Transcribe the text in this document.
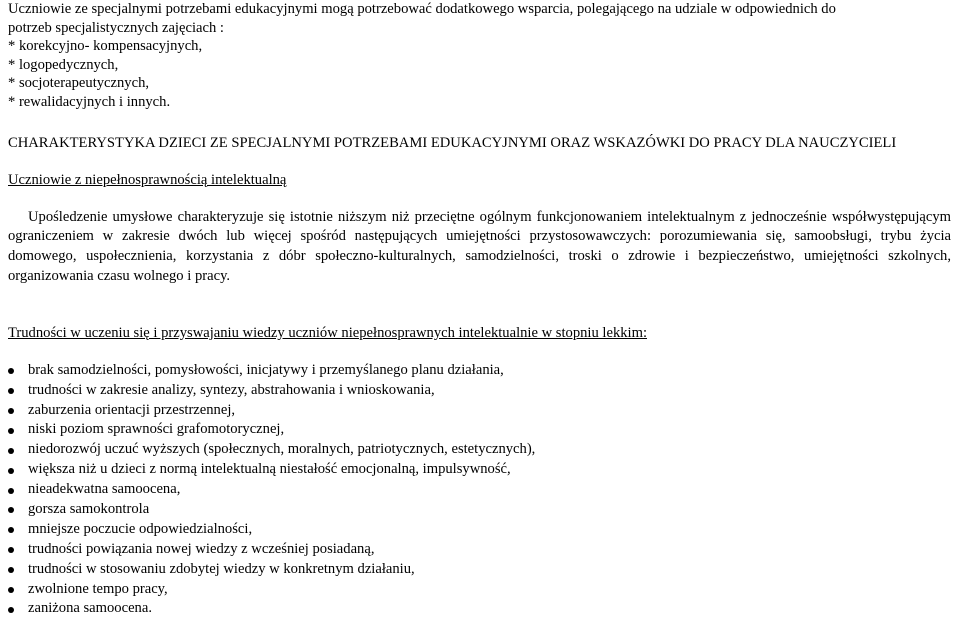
Uczniowie ze specjalnymi potrzebami edukacyjnymi mogą potrzebować dodatkowego wsparcia, polegającego na udziale w odpowiednich do
potrzeb specjalistycznych zajęciach :
* korekcyjno- kompensacyjnych,
* logopedycznych,
* socjoterapeutycznych,
* rewalidacyjnych i innych.
CHARAKTERYSTYKA DZIECI ZE SPECJALNYMI POTRZEBAMI EDUKACYJNYMI ORAZ WSKAZÓWKI DO PRACY DLA NAUCZYCIELI
Uczniowie z niepełnosprawnością intelektualną
Upośledzenie umysłowe charakteryzuje się istotnie niższym niż przeciętne ogólnym funkcjonowaniem intelektualnym z jednocześnie współwystępującym ograniczeniem w zakresie dwóch lub więcej spośród następujących umiejętności przystosowawczych: porozumiewania się, samoobsługi, trybu życia domowego, uspołecznienia, korzystania z dóbr społeczno-kulturalnych, samodzielności, troski o zdrowie i bezpieczeństwo, umiejętności szkolnych, organizowania czasu wolnego i pracy.
Trudności w uczeniu się i przyswajaniu wiedzy uczniów niepełnosprawnych intelektualnie w stopniu lekkim:
brak samodzielności, pomysłowości, inicjatywy i przemyślanego planu działania,
trudności w zakresie analizy, syntezy, abstrahowania i wnioskowania,
zaburzenia orientacji przestrzennej,
niski poziom sprawności grafomotorycznej,
niedorozwój uczuć wyższych (społecznych, moralnych, patriotycznych, estetycznych),
większa niż u dzieci z normą intelektualną niestałość emocjonalną, impulsywność,
nieadekwatna samoocena,
gorsza samokontrola
mniejsze poczucie odpowiedzialności,
trudności powiązania nowej wiedzy z wcześniej posiadaną,
trudności w stosowaniu zdobytej wiedzy w konkretnym działaniu,
zwolnione tempo pracy,
zaniżona samoocena.
